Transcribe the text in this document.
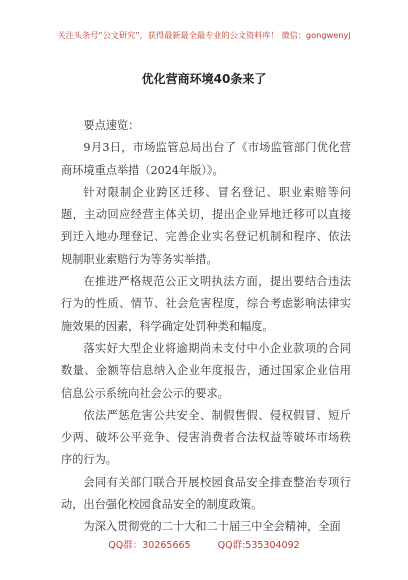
关注头条号“公文研究”，获得最新最全最专业的公文资料库！ 微信：gongwenyj
优化营商环境40条来了

要点速览：

9月3日，市场监管总局出台了《市场监管部门优化营商环境重点举措（2024年版）》。

针对限制企业跨区迁移、冒名登记、职业索赔等问题，主动回应经营主体关切，提出企业异地迁移可以直接到迁入地办理登记、完善企业实名登记机制和程序、依法规制职业索赔行为等务实举措。

在推进严格规范公正文明执法方面，提出要结合违法行为的性质、情节、社会危害程度，综合考虑影响法律实施效果的因素，科学确定处罚种类和幅度。

落实好大型企业将逾期尚未支付中小企业款项的合同数量、金额等信息纳入企业年度报告，通过国家企业信用信息公示系统向社会公示的要求。

依法严惩危害公共安全、制假售假、侵权假冒、短斤少两、破坏公平竞争、侵害消费者合法权益等破坏市场秩序的行为。

会同有关部门联合开展校园食品安全排查整治专项行动，出台强化校园食品安全的制度政策。

为深入贯彻党的二十大和二十届三中全会精神，全面

QQ群：30265665	QQ群:535304092
